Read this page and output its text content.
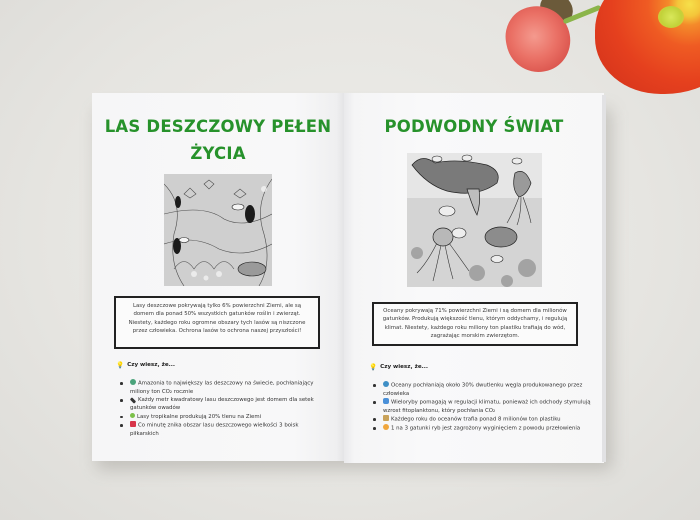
LAS DESZCZOWY PEŁEN
ŻYCIA
Lasy deszczowe pokrywają tylko 6% powierzchni Ziemi, ale są domem dla ponad 50% wszystkich gatunków roślin i zwierząt. Niestety, każdego roku ogromne obszary tych lasów są niszczone przez człowieka. Ochrona lasów to ochrona naszej przyszłości!
💡 Czy wiesz, że...
Amazonia to największy las deszczowy na świecie, pochłaniający miliony ton CO₂ rocznie
Każdy metr kwadratowy lasu deszczowego jest domem dla setek gatunków owadów
Lasy tropikalne produkują 20% tlenu na Ziemi
Co minutę znika obszar lasu deszczowego wielkości 3 boisk piłkarskich
PODWODNY ŚWIAT
Oceany pokrywają 71% powierzchni Ziemi i są domem dla milionów gatunków. Produkują większość tlenu, którym oddychamy, i regulują klimat. Niestety, każdego roku miliony ton plastiku trafiają do wód, zagrażając morskim zwierzętom.
💡 Czy wiesz, że...
Oceany pochłaniają około 30% dwutlenku węgla produkowanego przez człowieka
Wieloryby pomagają w regulacji klimatu, ponieważ ich odchody stymulują wzrost fitoplanktonu, który pochłania CO₂
Każdego roku do oceanów trafia ponad 8 milionów ton plastiku
1 na 3 gatunki ryb jest zagrożony wyginięciem z powodu przełowienia
